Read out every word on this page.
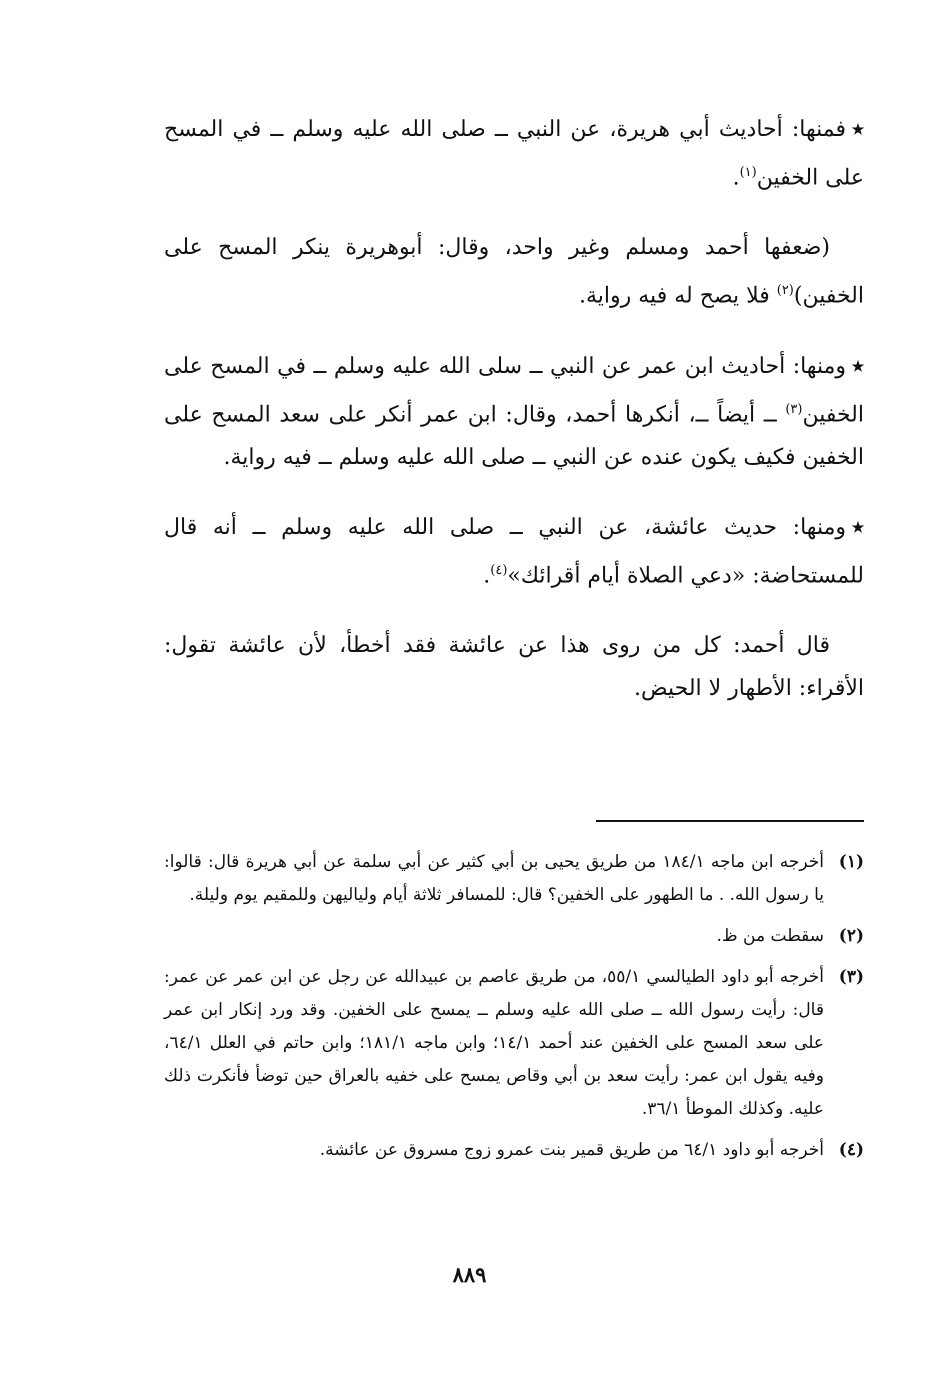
٭فمنها: أحاديث أبي هريرة، عن النبي ــ صلى الله عليه وسلم ــ في المسح على الخفين$^{(١)}$.

(ضعفها أحمد ومسلم وغير واحد، وقال: أبوهريرة ينكر المسح على الخفين)$^{(٢)}$ فلا يصح له فيه رواية.

٭ومنها: أحاديث ابن عمر عن النبي ــ سلى الله عليه وسلم ــ في المسح على الخفين$^{(٣)}$ ــ أيضاً ــ، أنكرها أحمد، وقال: ابن عمر أنكر على سعد المسح على الخفين فكيف يكون عنده عن النبي ــ صلى الله عليه وسلم ــ فيه رواية.

٭ومنها: حديث عائشة، عن النبي ــ صلى الله عليه وسلم ــ أنه قال للمستحاضة: «دعي الصلاة أيام أقرائك»$^{(٤)}$.

قال أحمد: كل من روى هذا عن عائشة فقد أخطأ، لأن عائشة تقول: الأقراء: الأطهار لا الحيض.

(١)
أخرجه ابن ماجه ١٨٤/١ من طريق يحيى بن أبي كثير عن أبي سلمة عن أبي هريرة قال: قالوا: يا رسول الله. . ما الطهور على الخفين؟ قال: للمسافر ثلاثة أيام ولياليهن وللمقيم يوم وليلة.
(٢)
سقطت من ظ.
(٣)
أخرجه أبو داود الطيالسي ٥٥/١، من طريق عاصم بن عبيدالله عن رجل عن ابن عمر عن عمر: قال: رأيت رسول الله ــ صلى الله عليه وسلم ــ يمسح على الخفين. وقد ورد إنكار ابن عمر على سعد المسح على الخفين عند أحمد ١٤/١؛ وابن ماجه ١٨١/١؛ وابن حاتم في العلل ٦٤/١، وفيه يقول ابن عمر: رأيت سعد بن أبي وقاص يمسح على خفيه بالعراق حين توضأ فأنكرت ذلك عليه. وكذلك الموطأ ٣٦/١.
(٤)
أخرجه أبو داود ٦٤/١ من طريق قمير بنت عمرو زوج مسروق عن عائشة.
٨٨٩
